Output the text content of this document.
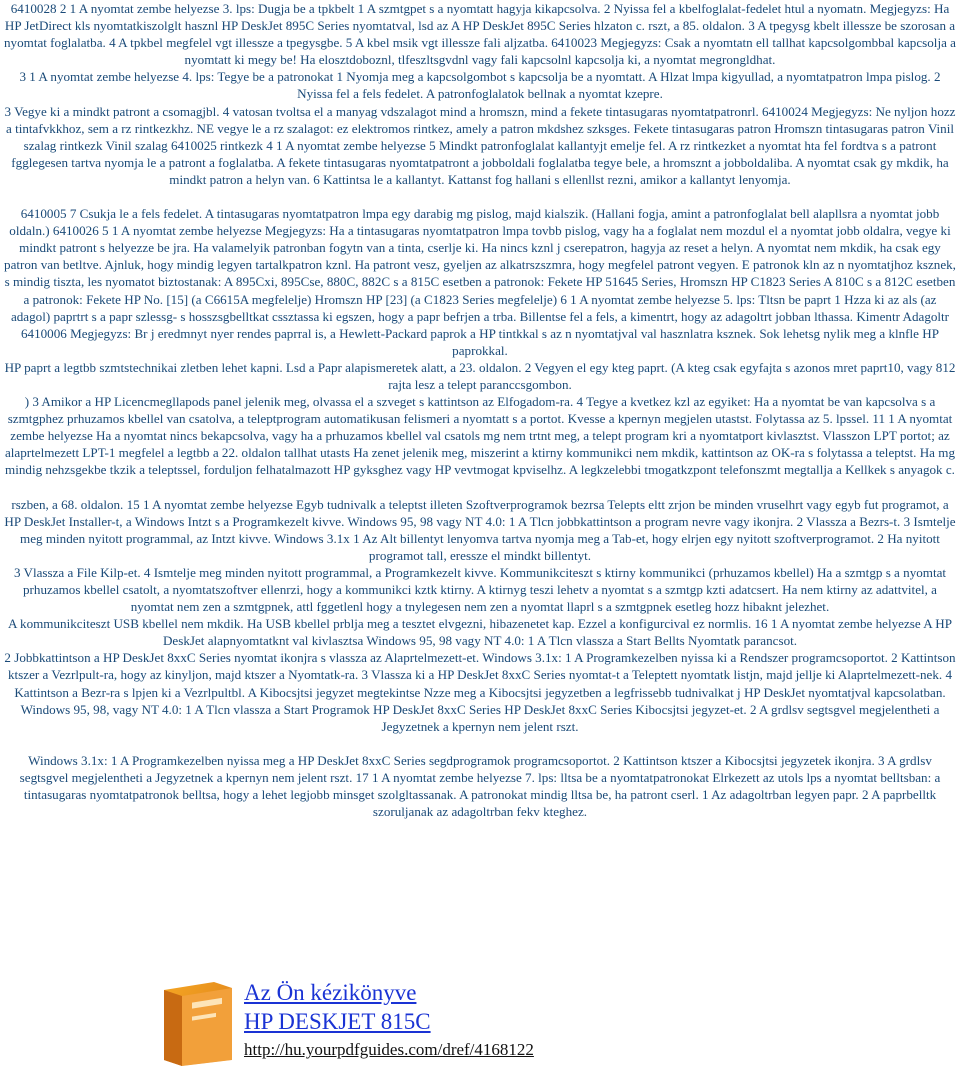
6410028 2 1 A nyomtat zembe helyezse 3. lps: Dugja be a tpkbelt 1 A szmtgpet s a nyomtatt hagyja kikapcsolva. 2 Nyissa fel a kbelfoglalat-fedelet htul a nyomatn. Megjegyzs: Ha HP JetDirect kls nyomtatkiszolglt hasznl HP DeskJet 895C Series nyomtatval, lsd az A HP DeskJet 895C Series hlzaton c. rszt, a 85. oldalon. 3 A tpegysg kbelt illessze be szorosan a nyomtat foglalatba. 4 A tpkbel megfelel vgt illessze a tpegysgbe. 5 A kbel msik vgt illessze fali aljzatba. 6410023 Megjegyzs: Csak a nyomtatn ell tallhat kapcsolgombbal kapcsolja a nyomtatt ki megy be! Ha elosztdoboznl, tlfeszltsgvdnl vagy fali kapcsolnl kapcsolja ki, a nyomtat megrongldhat.

3 1 A nyomtat zembe helyezse 4. lps: Tegye be a patronokat 1 Nyomja meg a kapcsolgombot s kapcsolja be a nyomtatt. A Hlzat lmpa kigyullad, a nyomtatpatron lmpa pislog. 2 Nyissa fel a fels fedelet. A patronfoglalatok bellnak a nyomtat kzepre.

3 Vegye ki a mindkt patront a csomagjbl. 4 vatosan tvoltsa el a manyag vdszalagot mind a hromszn, mind a fekete tintasugaras nyomtatpatronrl. 6410024 Megjegyzs: Ne nyljon hozz a tintafvkkhoz, sem a rz rintkezkhz. NE vegye le a rz szalagot: ez elektromos rintkez, amely a patron mkdshez szksges. Fekete tintasugaras patron Hromszn tintasugaras patron Vinil szalag rintkezk Vinil szalag 6410025 rintkezk 4 1 A nyomtat zembe helyezse 5 Mindkt patronfoglalat kallantyjt emelje fel. A rz rintkezket a nyomtat hta fel fordtva s a patront fgglegesen tartva nyomja le a patront a foglalatba. A fekete tintasugaras nyomtatpatront a jobboldali foglalatba tegye bele, a hromsznt a jobboldaliba. A nyomtat csak gy mkdik, ha mindkt patron a helyn van. 6 Kattintsa le a kallantyt. Kattanst fog hallani s ellenllst rezni, amikor a kallantyt lenyomja.

6410005 7 Csukja le a fels fedelet. A tintasugaras nyomtatpatron lmpa egy darabig mg pislog, majd kialszik. (Hallani fogja, amint a patronfoglalat bell alapllsra a nyomtat jobb oldaln.) 6410026 5 1 A nyomtat zembe helyezse Megjegyzs: Ha a tintasugaras nyomtatpatron lmpa tovbb pislog, vagy ha a foglalat nem mozdul el a nyomtat jobb oldalra, vegye ki mindkt patront s helyezze be jra. Ha valamelyik patronban fogytn van a tinta, cserlje ki. Ha nincs kznl j cserepatron, hagyja az reset a helyn. A nyomtat nem mkdik, ha csak egy patron van betltve. Ajnluk, hogy mindig legyen tartalkpatron kznl. Ha patront vesz, gyeljen az alkatrszszmra, hogy megfelel patront vegyen. E patronok kln az n nyomtatjhoz ksznek, s mindig tiszta, les nyomatot biztostanak: A 895Cxi, 895Cse, 880C, 882C s a 815C esetben a patronok: Fekete HP 51645 Series, Hromszn HP C1823 Series A 810C s a 812C esetben a patronok: Fekete HP No. [15] (a C6615A megfelelje) Hromszn HP [23] (a C1823 Series megfelelje) 6 1 A nyomtat zembe helyezse 5. lps: Tltsn be paprt 1 Hzza ki az als (az adagol) paprtrt s a papr szlessg- s hosszsgbelltkat cssztassa ki egszen, hogy a papr befrjen a trba. Billentse fel a fels, a kimentrt, hogy az adagoltrt jobban lthassa. Kimentr Adagoltr 6410006 Megjegyzs: Br j eredmnyt nyer rendes paprral is, a Hewlett-Packard paprok a HP tintkkal s az n nyomtatjval val hasznlatra ksznek. Sok lehetsg nylik meg a klnfle HP paprokkal.

HP paprt a legtbb szmtstechnikai zletben lehet kapni. Lsd a Papr alapismeretek alatt, a 23. oldalon. 2 Vegyen el egy kteg paprt. (A kteg csak egyfajta s azonos mret paprt10, vagy 812 rajta lesz a telept paranccsgombon.

) 3 Amikor a HP Licencmegllapods panel jelenik meg, olvassa el a szveget s kattintson az Elfogadom-ra. 4 Tegye a kvetkez kzl az egyiket: Ha a nyomtat be van kapcsolva s a szmtgphez prhuzamos kbellel van csatolva, a teleptprogram automatikusan felismeri a nyomtatt s a portot. Kvesse a kpernyn megjelen utastst. Folytassa az 5. lpssel. 11 1 A nyomtat zembe helyezse Ha a nyomtat nincs bekapcsolva, vagy ha a prhuzamos kbellel val csatols mg nem trtnt meg, a telept program kri a nyomtatport kivlasztst. Vlasszon LPT portot; az alaprtelmezett LPT-1 megfelel a legtbb a 22. oldalon tallhat utasts Ha zenet jelenik meg, miszerint a ktirny kommunikci nem mkdik, kattintson az OK-ra s folytassa a teleptst. Ha mg mindig nehzsgekbe tkzik a teleptssel, forduljon felhatalmazott HP gyksghez vagy HP vevtmogat kpviselhz. A legkzelebbi tmogatkzpont telefonszmt megtallja a Kellkek s anyagok c.

rszben, a 68. oldalon. 15 1 A nyomtat zembe helyezse Egyb tudnivalk a teleptst illeten Szoftverprogramok bezrsa Telepts eltt zrjon be minden vruselhrt vagy egyb fut programot, a HP DeskJet Installer-t, a Windows Intzt s a Programkezelt kivve. Windows 95, 98 vagy NT 4.0: 1 A Tlcn jobbkattintson a program nevre vagy ikonjra. 2 Vlassza a Bezrs-t. 3 Ismtelje meg minden nyitott programmal, az Intzt kivve. Windows 3.1x 1 Az Alt billentyt lenyomva tartva nyomja meg a Tab-et, hogy elrjen egy nyitott szoftverprogramot. 2 Ha nyitott programot tall, eressze el mindkt billentyt.

3 Vlassza a File Kilp-et. 4 Ismtelje meg minden nyitott programmal, a Programkezelt kivve. Kommunikciteszt s ktirny kommunikci (prhuzamos kbellel) Ha a szmtgp s a nyomtat prhuzamos kbellel csatolt, a nyomtatszoftver ellenrzi, hogy a kommunikci kztk ktirny. A ktirnyg teszi lehetv a nyomtat s a szmtgp kzti adatcsert. Ha nem ktirny az adattvitel, a nyomtat nem zen a szmtgpnek, attl fggetlenl hogy a tnylegesen nem zen a nyomtat llaprl s a szmtgpnek esetleg hozz hibaknt jelezhet.

A kommunikciteszt USB kbellel nem mkdik. Ha USB kbellel prblja meg a tesztet elvgezni, hibazenetet kap. Ezzel a konfigurcival ez normlis. 16 1 A nyomtat zembe helyezse A HP DeskJet alapnyomtatknt val kivlasztsa Windows 95, 98 vagy NT 4.0: 1 A Tlcn vlassza a Start Bellts Nyomtatk parancsot.

2 Jobbkattintson a HP DeskJet 8xxC Series nyomtat ikonjra s vlassza az Alaprtelmezett-et. Windows 3.1x: 1 A Programkezelben nyissa ki a Rendszer programcsoportot. 2 Kattintson ktszer a Vezrlpult-ra, hogy az kinyljon, majd ktszer a Nyomtatk-ra. 3 Vlassza ki a HP DeskJet 8xxC Series nyomtat-t a Teleptett nyomtatk listjn, majd jellje ki Alaprtelmezett-nek. 4 Kattintson a Bezr-ra s lpjen ki a Vezrlpultbl. A Kibocsjtsi jegyzet megtekintse Nzze meg a Kibocsjtsi jegyzetben a legfrissebb tudnivalkat j HP DeskJet nyomtatjval kapcsolatban. Windows 95, 98, vagy NT 4.0: 1 A Tlcn vlassza a Start Programok HP DeskJet 8xxC Series HP DeskJet 8xxC Series Kibocsjtsi jegyzet-et. 2 A grdlsv segtsgvel megjelentheti a Jegyzetnek a kpernyn nem jelent rszt.

Windows 3.1x: 1 A Programkezelben nyissa meg a HP DeskJet 8xxC Series segdprogramok programcsoportot. 2 Kattintson ktszer a Kibocsjtsi jegyzetek ikonjra. 3 A grdlsv segtsgvel megjelentheti a Jegyzetnek a kpernyn nem jelent rszt. 17 1 A nyomtat zembe helyezse 7. lps: lltsa be a nyomtatpatronokat Elrkezett az utols lps a nyomtat belltsban: a tintasugaras nyomtatpatronok belltsa, hogy a lehet legjobb minsget szolgltassanak. A patronokat mindig lltsa be, ha patront cserl. 1 Az adagoltrban legyen papr. 2 A paprbelltk szoruljanak az adagoltrban fekv kteghez.

Az Ön kézikönyve
HP DESKJET 815C
http://hu.yourpdfguides.com/dref/4168122
